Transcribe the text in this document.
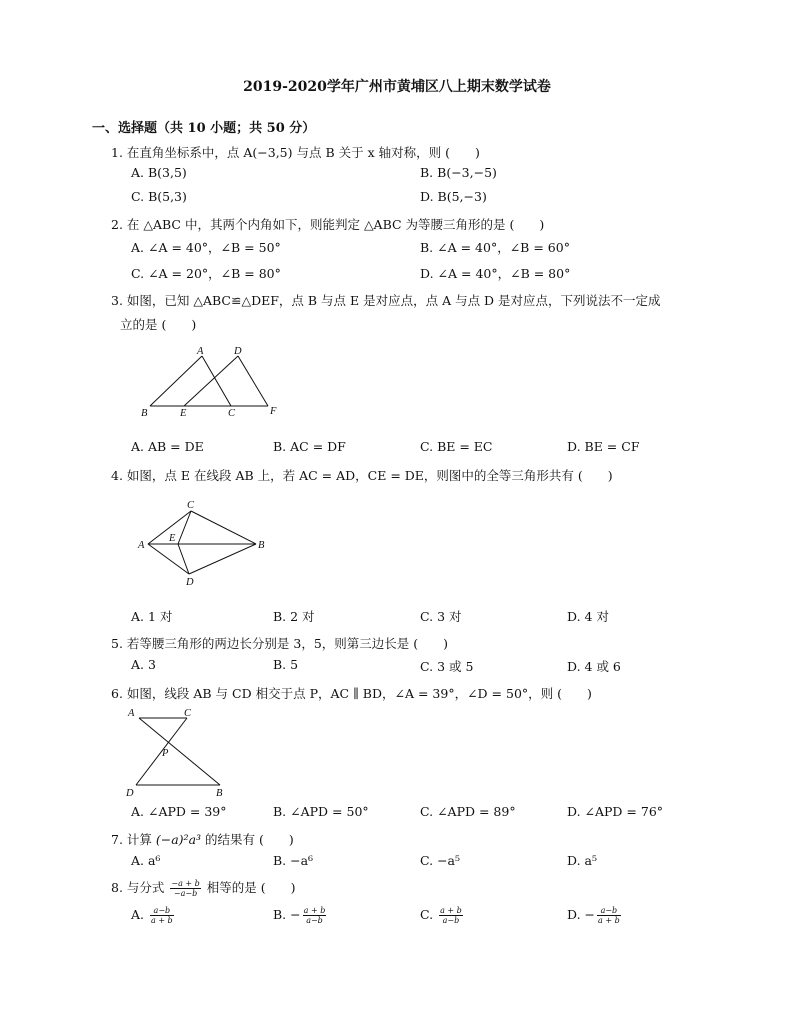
2019-2020学年广州市黄埔区八上期末数学试卷
一、选择题（共 10 小题；共 50 分）
1. 在直角坐标系中，点 A(−3,5) 与点 B 关于 x 轴对称，则 (　　)
A. B(3,5)	B. B(−3,−5)
C. B(5,3)	D. B(5,−3)
2. 在 △ABC 中，其两个内角如下，则能判定 △ABC 为等腰三角形的是 (　　)
A. ∠A = 40°，∠B = 50°	B. ∠A = 40°，∠B = 60°
C. ∠A = 20°，∠B = 80°	D. ∠A = 40°，∠B = 80°
3. 如图，已知 △ABC≌△DEF，点 B 与点 E 是对应点，点 A 与点 D 是对应点，下列说法不一定成
立的是 (　　)
A	D
B	E	C	F
A. AB = DE	B. AC = DF	C. BE = EC	D. BE = CF
4. 如图，点 E 在线段 AB 上，若 AC = AD，CE = DE，则图中的全等三角形共有 (　　)
C
A
E
B
D
A. 1 对	B. 2 对	C. 3 对	D. 4 对
5. 若等腰三角形的两边长分别是 3，5，则第三边长是 (　　)
A. 3	B. 5	C. 3 或 5	D. 4 或 6
6. 如图，线段 AB 与 CD 相交于点 P，AC ∥ BD，∠A = 39°，∠D = 50°，则 (　　)
A	C
P
D	B
A. ∠APD = 39°	B. ∠APD = 50°	C. ∠APD = 89°	D. ∠APD = 76°
7. 计算 (−a)²a³ 的结果有 (　　)
A. a⁶	B. −a⁶	C. −a⁵	D. a⁵
8. 与分式 $\frac{-a + b}{-a-b}$ 相等的是 (　　)
A. $\frac{a-b}{a + b}$	B. − $\frac{a + b}{a-b}$	C. $\frac{a + b}{a-b}$	D. − $\frac{a-b}{a + b}$
